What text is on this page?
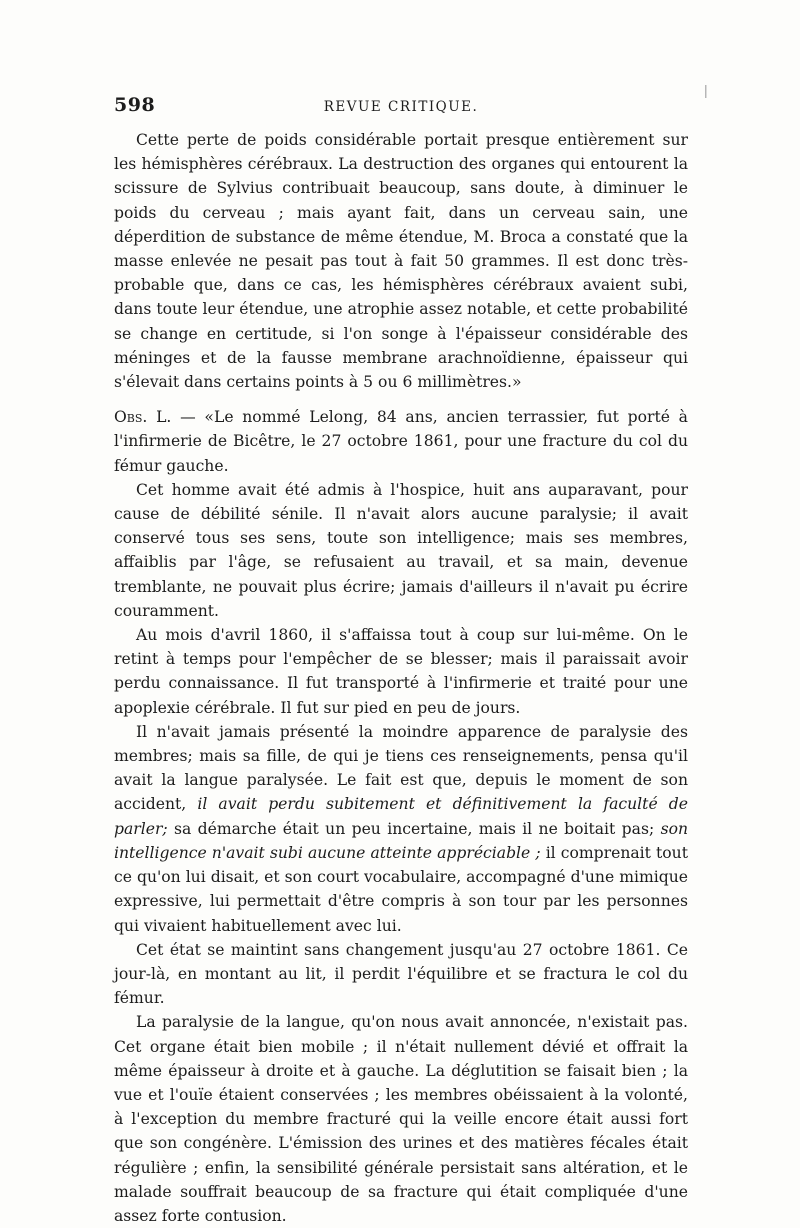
598	REVUE CRITIQUE.
|

Cette perte de poids considérable portait presque entièrement sur les hémisphères cérébraux. La destruction des organes qui entourent la scissure de Sylvius contribuait beaucoup, sans doute, à diminuer le poids du cerveau ; mais ayant fait, dans un cerveau sain, une déperdition de substance de même étendue, M. Broca a constaté que la masse enlevée ne pesait pas tout à fait 50 grammes. Il est donc très-probable que, dans ce cas, les hémisphères cérébraux avaient subi, dans toute leur étendue, une atrophie assez notable, et cette probabilité se change en certitude, si l'on songe à l'épaisseur considérable des méninges et de la fausse membrane arachnoïdienne, épaisseur qui s'élevait dans certains points à 5 ou 6 millimètres.»

Obs. L. — «Le nommé Lelong, 84 ans, ancien terrassier, fut porté à l'infirmerie de Bicêtre, le 27 octobre 1861, pour une fracture du col du fémur gauche.

Cet homme avait été admis à l'hospice, huit ans auparavant, pour cause de débilité sénile. Il n'avait alors aucune paralysie; il avait conservé tous ses sens, toute son intelligence; mais ses membres, affaiblis par l'âge, se refusaient au travail, et sa main, devenue tremblante, ne pouvait plus écrire; jamais d'ailleurs il n'avait pu écrire couramment.

Au mois d'avril 1860, il s'affaissa tout à coup sur lui-même. On le retint à temps pour l'empêcher de se blesser; mais il paraissait avoir perdu connaissance. Il fut transporté à l'infirmerie et traité pour une apoplexie cérébrale. Il fut sur pied en peu de jours.

Il n'avait jamais présenté la moindre apparence de paralysie des membres; mais sa fille, de qui je tiens ces renseignements, pensa qu'il avait la langue paralysée. Le fait est que, depuis le moment de son accident, il avait perdu subitement et définitivement la faculté de parler; sa démarche était un peu incertaine, mais il ne boitait pas; son intelligence n'avait subi aucune atteinte appréciable ; il comprenait tout ce qu'on lui disait, et son court vocabulaire, accompagné d'une mimique expressive, lui permettait d'être compris à son tour par les personnes qui vivaient habituellement avec lui.

Cet état se maintint sans changement jusqu'au 27 octobre 1861. Ce jour-là, en montant au lit, il perdit l'équilibre et se fractura le col du fémur.

La paralysie de la langue, qu'on nous avait annoncée, n'existait pas. Cet organe était bien mobile ; il n'était nullement dévié et offrait la même épaisseur à droite et à gauche. La déglutition se faisait bien ; la vue et l'ouïe étaient conservées ; les membres obéissaient à la volonté, à l'exception du membre fracturé qui la veille encore était aussi fort que son congénère. L'émission des urines et des matières fécales était régulière ; enfin, la sensibilité générale persistait sans altération, et le malade souffrait beaucoup de sa fracture qui était compliquée d'une assez forte contusion.
